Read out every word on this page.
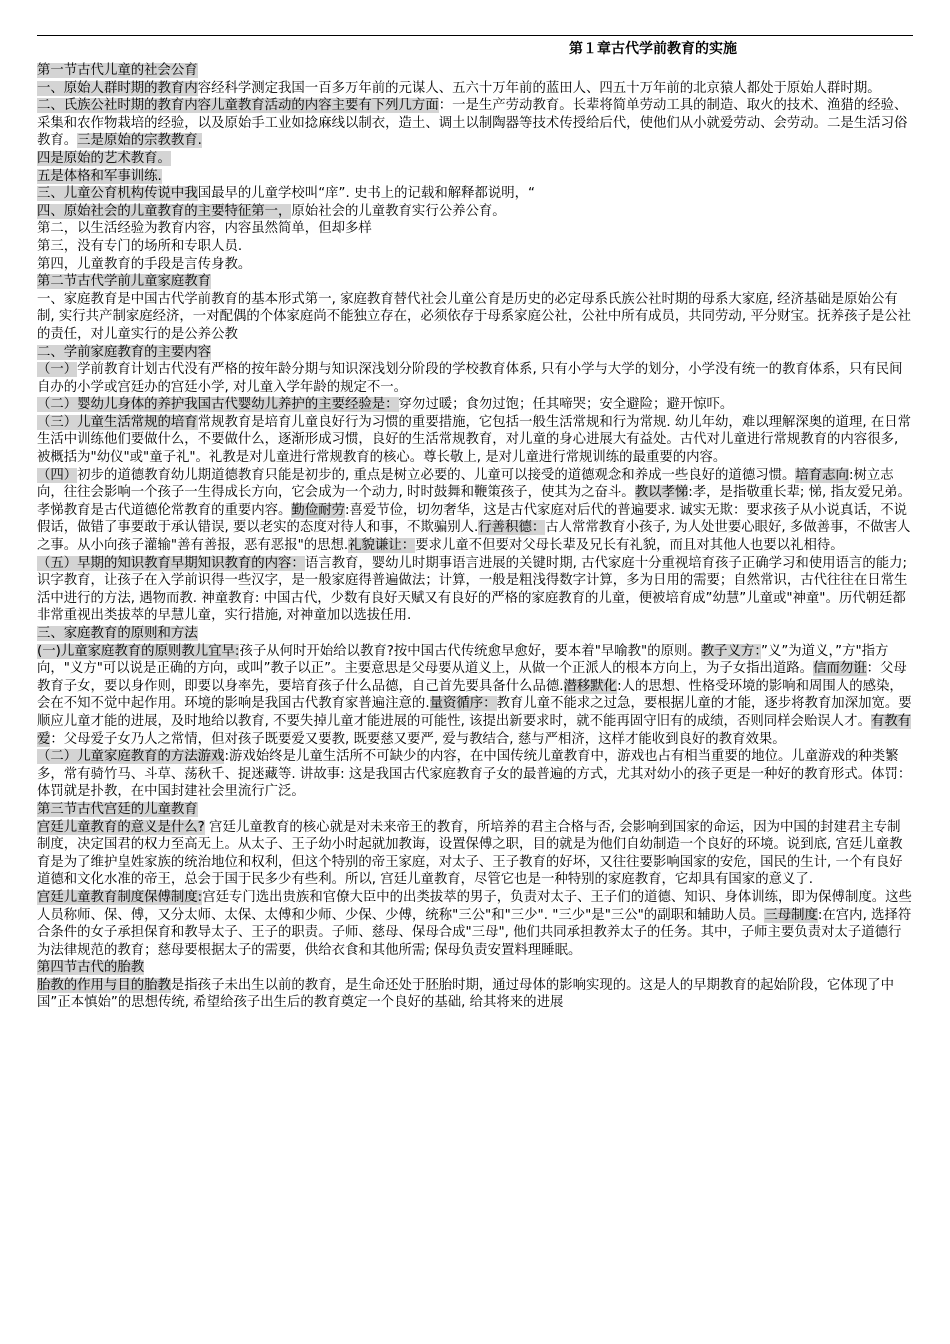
第１章古代学前教育的实施
第一节古代儿童的社会公育
一、原始人群时期的教育内容经科学测定我国一百多万年前的元谋人、五六十万年前的蓝田人、四五十万年前的北京猿人都处于原始人群时期。
二、氏族公社时期的教育内容儿童教育活动的内容主要有下列几方面：一是生产劳动教育。长辈将简单劳动工具的制造、取火的技术、渔猎的经验、采集和农作物栽培的经验，以及原始手工业如捻麻线以制衣，造土、调土以制陶器等技术传授给后代，使他们从小就爱劳动、会劳动。二是生活习俗教育。三是原始的宗教教育.
四是原始的艺术教育。
五是体格和军事训练.
三、儿童公育机构传说中我国最早的儿童学校叫“庠”. 史书上的记载和解释都说明，“
四、原始社会的儿童教育的主要特征第一，原始社会的儿童教育实行公养公育。
第二，以生活经验为教育内容，内容虽然简单，但却多样
第三，没有专门的场所和专职人员.
第四，儿童教育的手段是言传身教。
第二节古代学前儿童家庭教育
一、家庭教育是中国古代学前教育的基本形式第一, 家庭教育替代社会儿童公育是历史的必定母系氏族公社时期的母系大家庭, 经济基础是原始公有制, 实行共产制家庭经济，一对配偶的个体家庭尚不能独立存在，必须依存于母系家庭公社，公社中所有成员，共同劳动, 平分财宝。抚养孩子是公社的责任，对儿童实行的是公养公教
二、学前家庭教育的主要内容
（一）学前教育计划古代没有严格的按年龄分期与知识深浅划分阶段的学校教育体系, 只有小学与大学的划分，小学没有统一的教育体系，只有民间自办的小学或宫廷办的宫廷小学, 对儿童入学年龄的规定不一。
（二）婴幼儿身体的养护我国古代婴幼儿养护的主要经验是：穿勿过暖；食勿过饱；任其啼哭；安全避险；避开惊吓。
（三）儿童生活常规的培育常规教育是培育儿童良好行为习惯的重要措施，它包括一般生活常规和行为常规. 幼儿年幼，难以理解深奥的道理, 在日常生活中训练他们要做什么，不要做什么，逐渐形成习惯，良好的生活常规教育，对儿童的身心进展大有益处。古代对儿童进行常规教育的内容很多, 被概括为"幼仪"或"童子礼"。礼教是对儿童进行常规教育的核心。尊长敬上, 是对儿童进行常规训练的最重要的内容。
（四）初步的道德教育幼儿期道德教育只能是初步的, 重点是树立必要的、儿童可以接受的道德观念和养成一些良好的道德习惯。培育志向:树立志向，往往会影响一个孩子一生得成长方向，它会成为一个动力, 时时鼓舞和鞭策孩子，使其为之奋斗。教以孝悌:孝，是指敬重长辈; 悌, 指友爱兄弟。孝悌教育是古代道德伦常教育的重要内容。勤俭耐劳:喜爱节俭，切勿奢华，这是古代家庭对后代的普遍要求. 诚实无欺：要求孩子从小说真话，不说假话，做错了事要敢于承认错误, 要以老实的态度对待人和事，不欺骗别人.行善积德：古人常常教育小孩子, 为人处世要心眼好, 多做善事，不做害人之事。从小向孩子灌输"善有善报，恶有恶报"的思想.礼貌谦让：要求儿童不但要对父母长辈及兄长有礼貌，而且对其他人也要以礼相待。
（五）早期的知识教育早期知识教育的内容：语言教育，婴幼儿时期事语言进展的关键时期, 古代家庭十分重视培育孩子正确学习和使用语言的能力; 识字教育，让孩子在入学前识得一些汉字，是一般家庭得普遍做法；计算，一般是粗浅得数字计算，多为日用的需要；自然常识，古代往往在日常生活中进行的方法, 遇物而教. 神童教育: 中国古代，少数有良好天赋又有良好的严格的家庭教育的儿童，便被培育成”幼慧”儿童或"神童"。历代朝廷都非常重视出类拔萃的早慧儿童，实行措施, 对神童加以选拔任用.
三、家庭教育的原则和方法
(一)儿童家庭教育的原则教儿宜早:孩子从何时开始给以教育?按中国古代传统愈早愈好，要本着"早喻教"的原则。教子义方：”义”为道义，”方"指方向，"义方"可以说是正确的方向，或叫”教子以正”。主要意思是父母要从道义上，从做一个正派人的根本方向上，为子女指出道路。信而勿诳：父母教育子女，要以身作则，即要以身率先，要培育孩子什么品德，自己首先要具备什么品德.潜移默化:人的思想、性格受环境的影响和周围人的感染，会在不知不觉中起作用。环境的影响是我国古代教育家普遍注意的.量资循序：教育儿童不能求之过急，要根据儿童的才能，逐步将教育加深加宽。要顺应儿童才能的进展，及时地给以教育, 不要失掉儿童才能进展的可能性, 该提出新要求时，就不能再固守旧有的成绩，否则同样会贻误人才。有教有爱：父母爱子女乃人之常情，但对孩子既要爱又要教, 既要慈又要严, 爱与教结合, 慈与严相济，这样才能收到良好的教育效果。
（二）儿童家庭教育的方法游戏:游戏始终是儿童生活所不可缺少的内容，在中国传统儿童教育中，游戏也占有相当重要的地位。儿童游戏的种类繁多，常有骑竹马、斗草、荡秋千、捉迷藏等. 讲故事: 这是我国古代家庭教育子女的最普遍的方式，尤其对幼小的孩子更是一种好的教育形式。体罚：体罚就是扑教，在中国封建社会里流行广泛。
第三节古代宫廷的儿童教育
宫廷儿童教育的意义是什么? 宫廷儿童教育的核心就是对未来帝王的教育，所培养的君主合格与否, 会影响到国家的命运，因为中国的封建君主专制制度，决定国君的权力至高无上。从太子、王子幼小时起就加教诲，设置保傅之职，目的就是为他们自幼制造一个良好的环境。说到底, 宫廷儿童教育是为了维护皇姓家族的统治地位和权利，但这个特别的帝王家庭，对太子、王子教育的好坏，又往往要影响国家的安危，国民的生计, 一个有良好道德和文化水准的帝王，总会于国于民多少有些利。所以, 宫廷儿童教育，尽管它也是一种特别的家庭教育，它却具有国家的意义了.
宫廷儿童教育制度保傅制度:宫廷专门选出贵族和官僚大臣中的出类拔萃的男子，负责对太子、王子们的道德、知识、身体训练，即为保傅制度。这些人员称师、保、傅，又分太师、太保、太傅和少师、少保、少傅，统称"三公"和"三少". "三少"是"三公"的副职和辅助人员。三母制度:在宫内, 选择符合条件的女子承担保育和教导太子、王子的职责。子师、慈母、保母合成"三母", 他们共同承担教养太子的任务。其中，子师主要负责对太子道德行为法律规范的教育；慈母要根据太子的需要，供给衣食和其他所需; 保母负责安置料理睡眠。
第四节古代的胎教
胎教的作用与目的胎教是指孩子未出生以前的教育，是生命还处于胚胎时期，通过母体的影响实现的。这是人的早期教育的起始阶段，它体现了中国”正本慎始”的思想传统, 希望给孩子出生后的教育奠定一个良好的基础, 给其将来的进展
